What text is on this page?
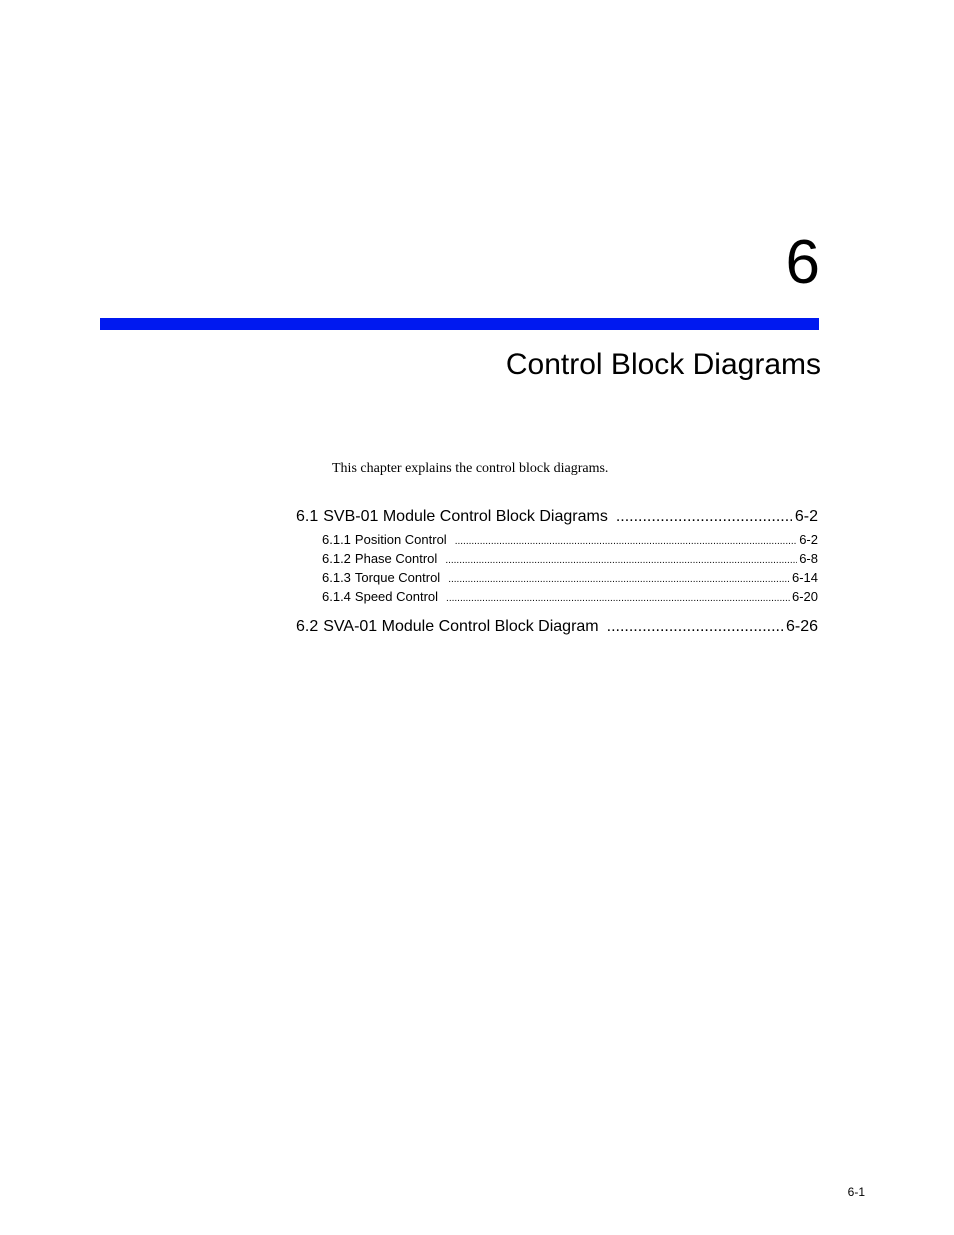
6
Control Block Diagrams

This chapter explains the control block diagrams.

6.1 SVB-01 Module Control Block Diagrams .....	6-2
6.1.1 Position Control .....	6-2
6.1.2 Phase Control .....	6-8
6.1.3 Torque Control .....	6-14
6.1.4 Speed Control .....	6-20
6.2 SVA-01 Module Control Block Diagram .....	6-26

6-1
